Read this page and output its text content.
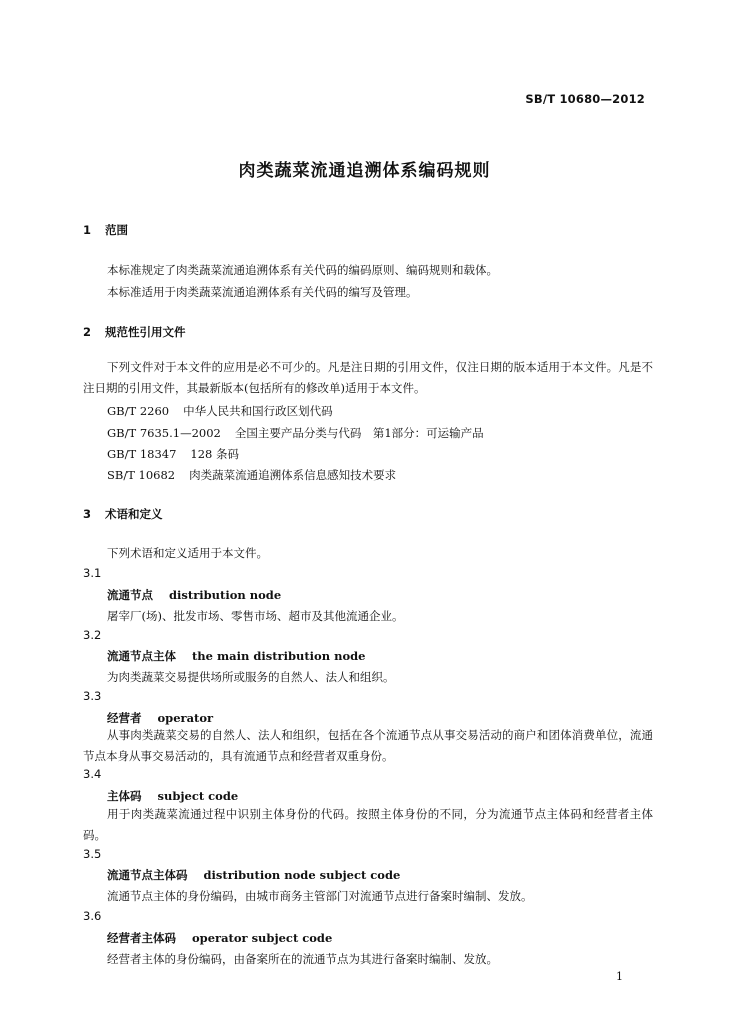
SB/T 10680—2012
肉类蔬菜流通追溯体系编码规则
1 范围
本标准规定了肉类蔬菜流通追溯体系有关代码的编码原则、编码规则和载体。
本标准适用于肉类蔬菜流通追溯体系有关代码的编写及管理。
2 规范性引用文件
下列文件对于本文件的应用是必不可少的。凡是注日期的引用文件，仅注日期的版本适用于本文件。凡是不注日期的引用文件，其最新版本(包括所有的修改单)适用于本文件。
GB/T 2260 中华人民共和国行政区划代码
GB/T 7635.1—2002 全国主要产品分类与代码　第1部分：可运输产品
GB/T 18347 128 条码
SB/T 10682 肉类蔬菜流通追溯体系信息感知技术要求
3 术语和定义
下列术语和定义适用于本文件。
3.1
流通节点 distribution node
屠宰厂(场)、批发市场、零售市场、超市及其他流通企业。
3.2
流通节点主体 the main distribution node
为肉类蔬菜交易提供场所或服务的自然人、法人和组织。
3.3
经营者 operator
从事肉类蔬菜交易的自然人、法人和组织，包括在各个流通节点从事交易活动的商户和团体消费单位，流通节点本身从事交易活动的，具有流通节点和经营者双重身份。
3.4
主体码 subject code
用于肉类蔬菜流通过程中识别主体身份的代码。按照主体身份的不同，分为流通节点主体码和经营者主体码。
3.5
流通节点主体码 distribution node subject code
流通节点主体的身份编码，由城市商务主管部门对流通节点进行备案时编制、发放。
3.6
经营者主体码 operator subject code
经营者主体的身份编码，由备案所在的流通节点为其进行备案时编制、发放。
1
